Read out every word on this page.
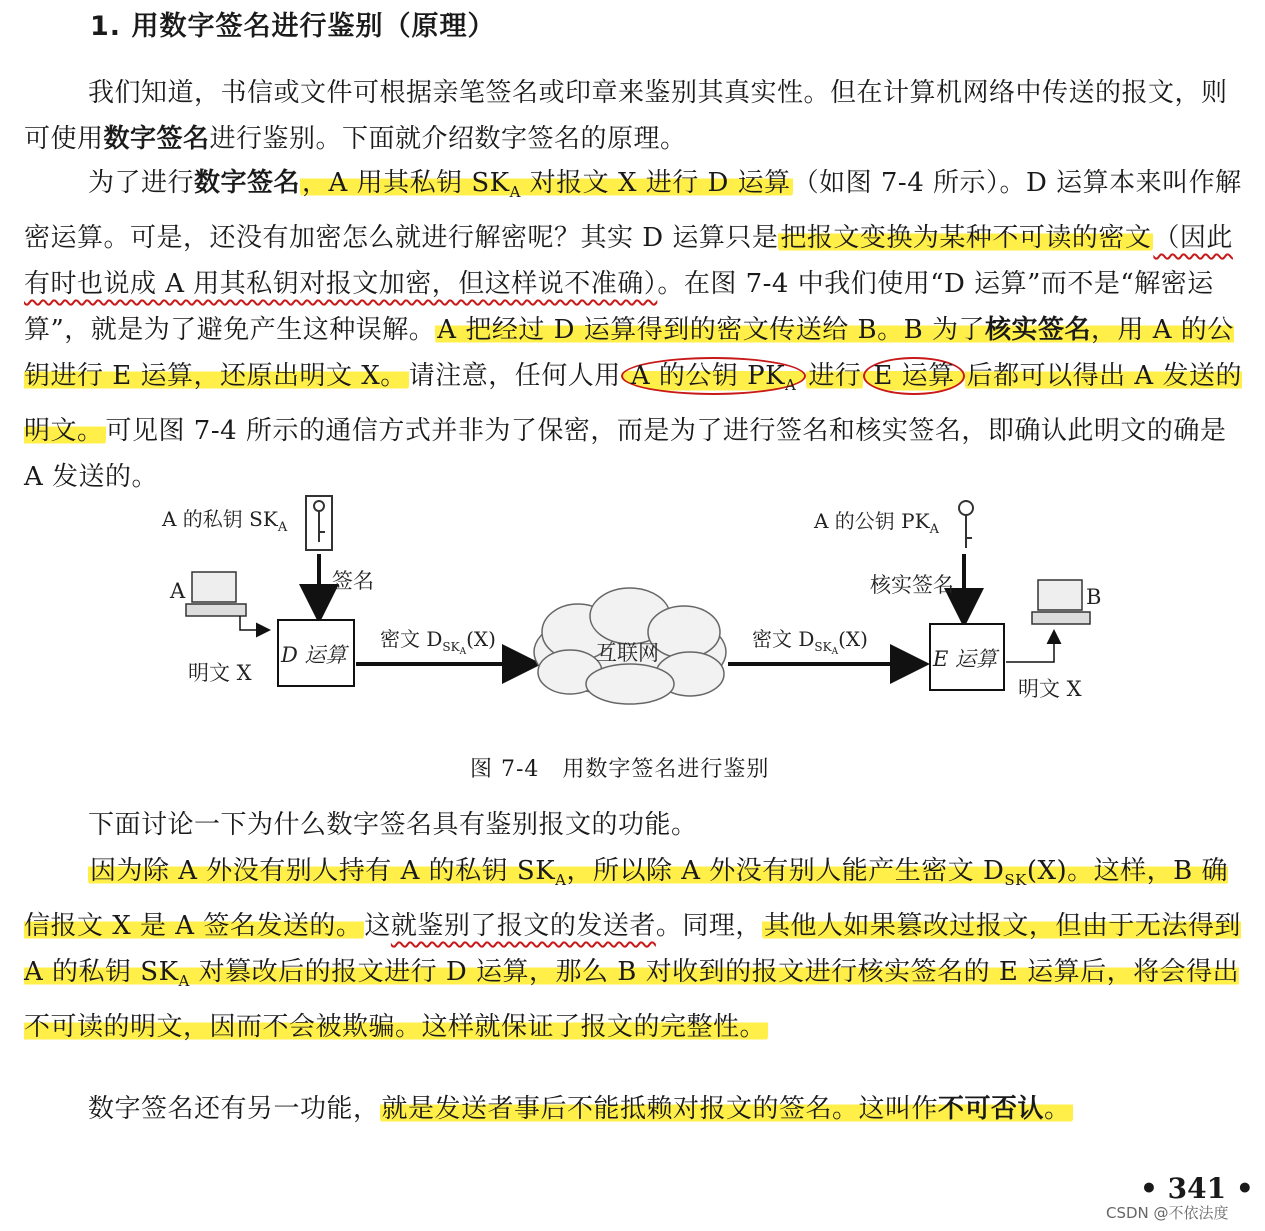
1. 用数字签名进行鉴别（原理）
我们知道，书信或文件可根据亲笔签名或印章来鉴别其真实性。但在计算机网络中传送的报文，则可使用数字签名进行鉴别。下面就介绍数字签名的原理。
为了进行数字签名，A 用其私钥 $SK_A$ 对报文 X 进行 D 运算（如图 7-4 所示）。D 运算本来叫作解密运算。可是，还没有加密怎么就进行解密呢？其实 D 运算只是把报文变换为某种不可读的密文（因此有时也说成 A 用其私钥对报文加密，但这样说不准确）。在图 7-4 中我们使用“D 运算”而不是“解密运算”，就是为了避免产生这种误解。A 把经过 D 运算得到的密文传送给 B。B 为了核实签名，用 A 的公钥进行 E 运算，还原出明文 X。请注意，任何人用 A 的公钥 $PK_A$ 进行 E 运算 后都可以得出 A 发送的明文。可见图 7-4 所示的通信方式并非为了保密，而是为了进行签名和核实签名，即确认此明文的确是 A 发送的。
A 的私钥 $SK_A$
签名
A
明文 X
D 运算
密文 $D_{SK}A(X)$
互联网
密文 $D_{SK}A(X)$
A 的公钥 $PK_A$
核实签名
E 运算
B
明文 X
图 7-4　用数字签名进行鉴别
下面讨论一下为什么数字签名具有鉴别报文的功能。
因为除 A 外没有别人持有 A 的私钥 $SK_A$，所以除 A 外没有别人能产生密文 $D_{SK}(X)$。这样，B 确信报文 X 是 A 签名发送的。这就鉴别了报文的发送者。同理，其他人如果篡改过报文，但由于无法得到 A 的私钥 $SK_A$ 对篡改后的报文进行 D 运算，那么 B 对收到的报文进行核实签名的 E 运算后，将会得出不可读的明文，因而不会被欺骗。这样就保证了报文的完整性。
数字签名还有另一功能，就是发送者事后不能抵赖对报文的签名。这叫作不可否认。
• 341 •
CSDN @不依法度
